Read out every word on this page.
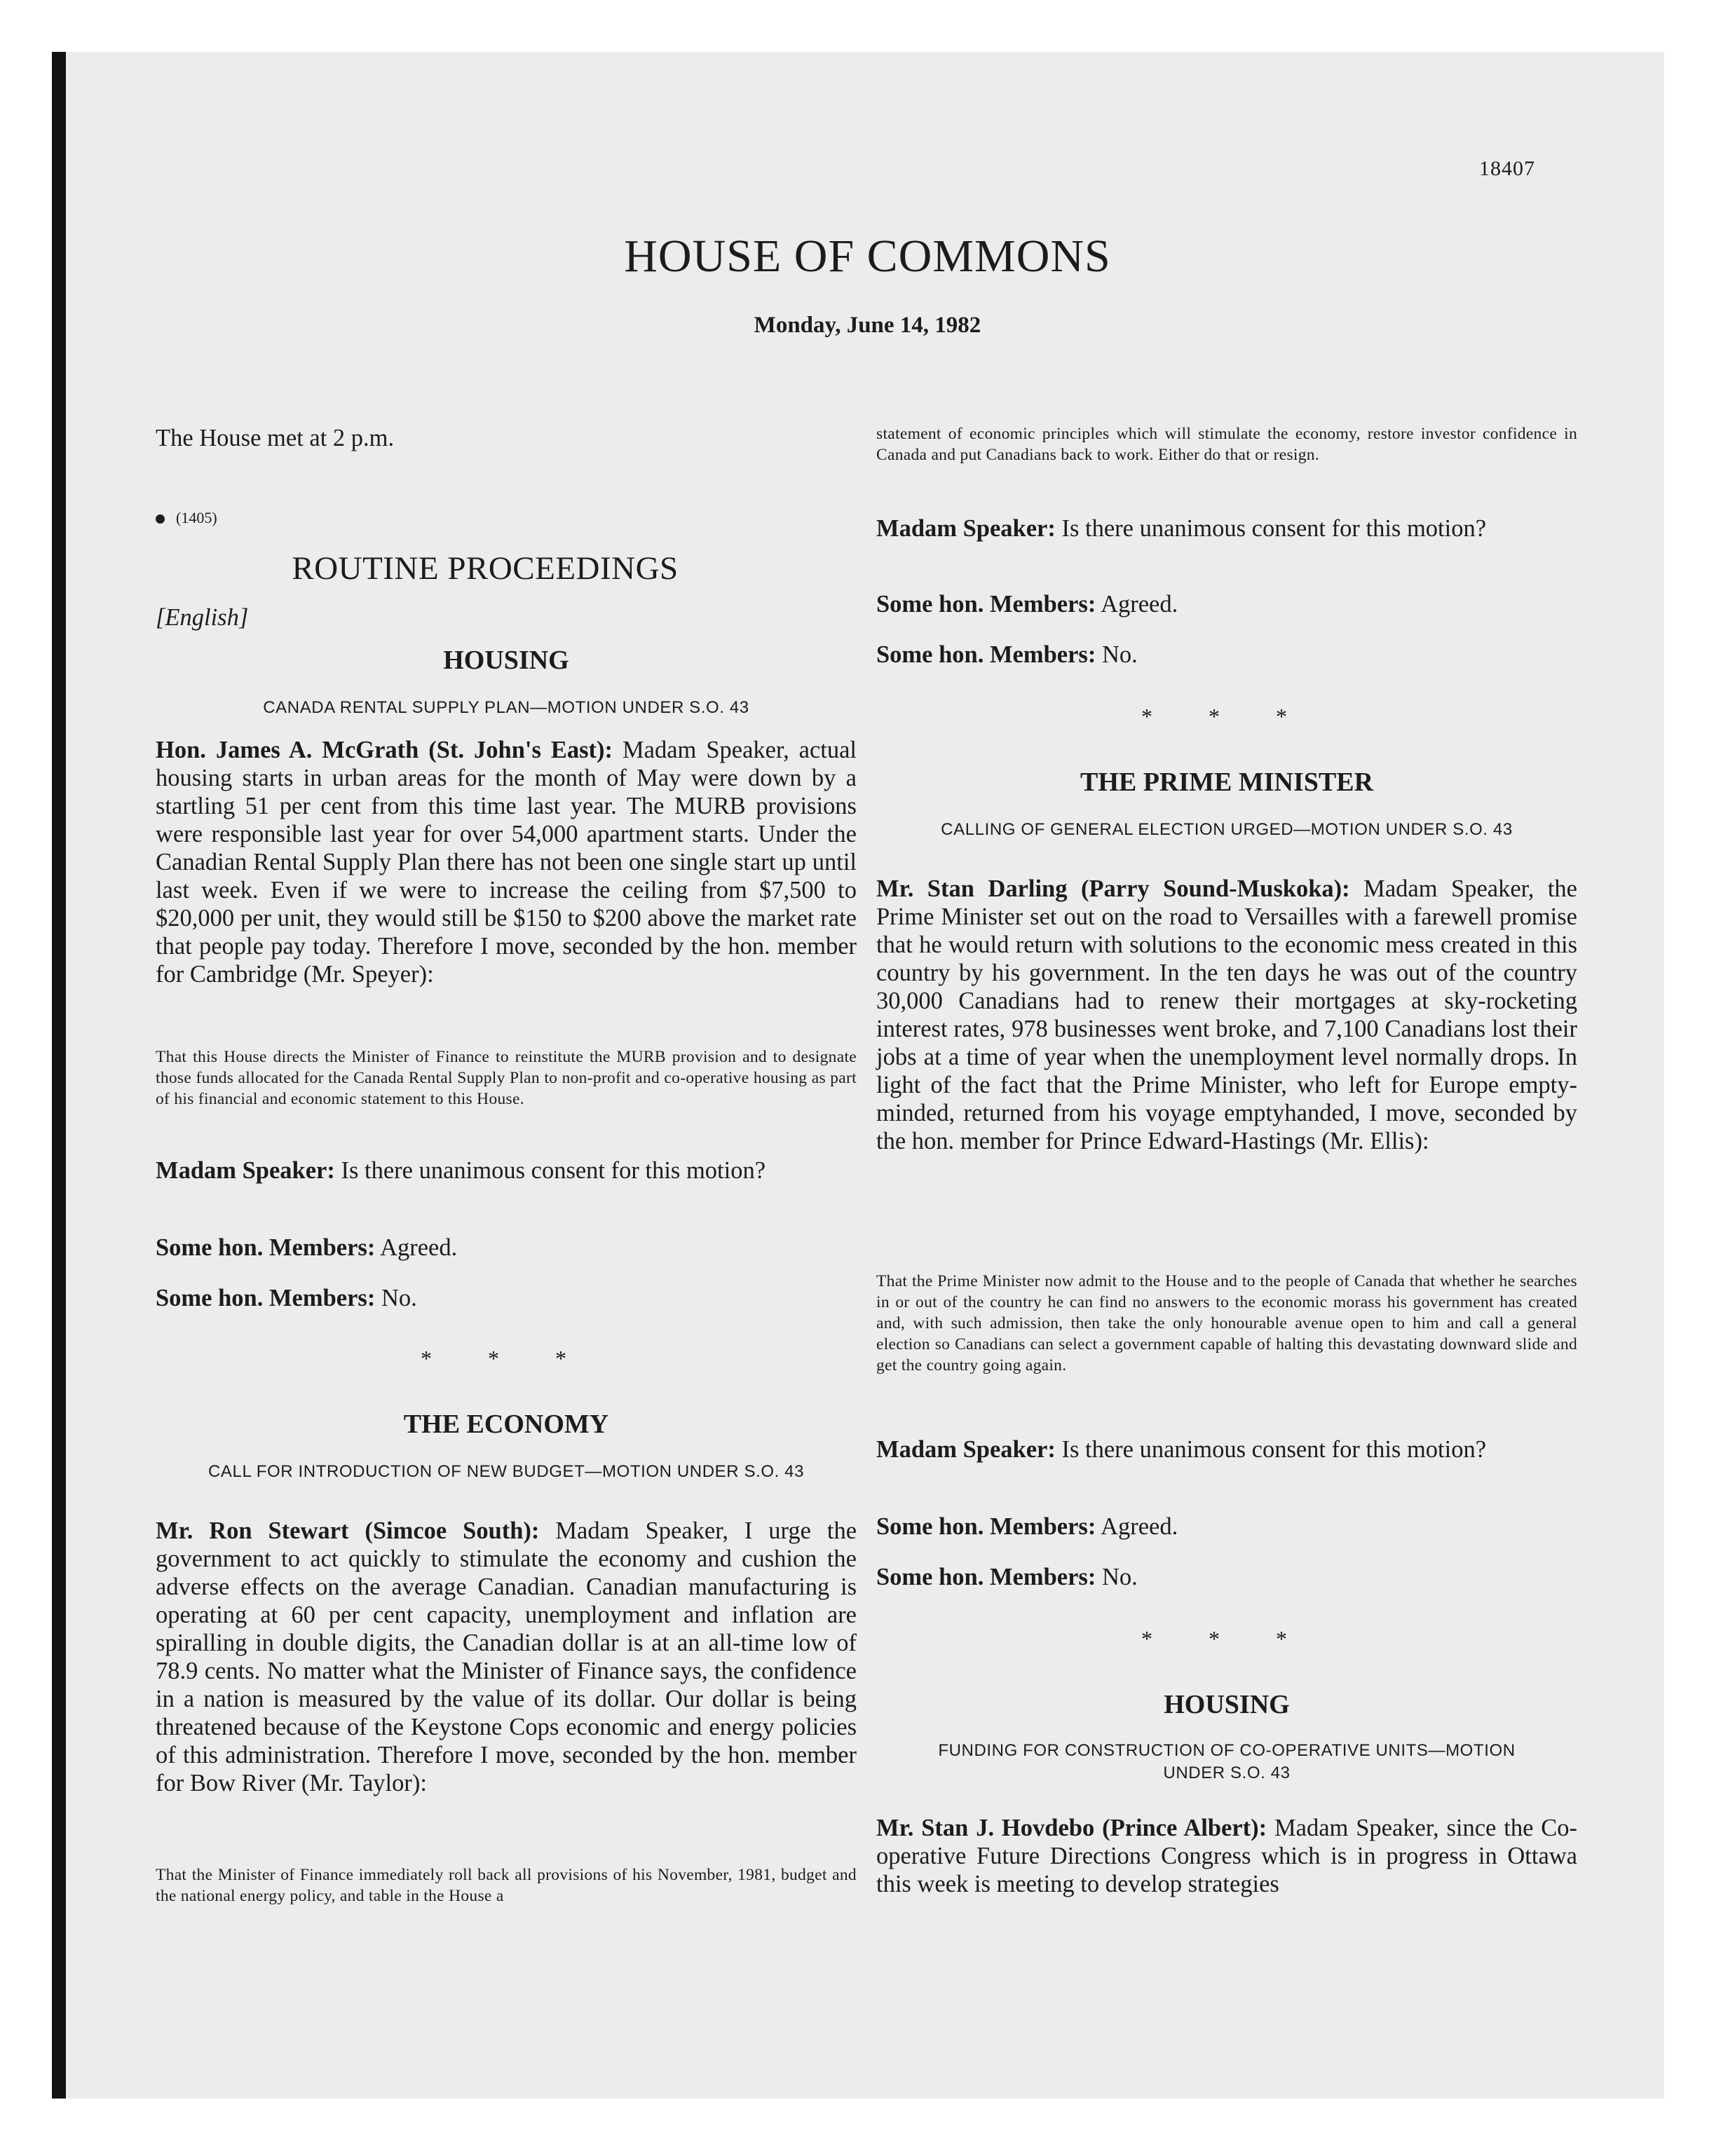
18407
HOUSE OF COMMONS
Monday, June 14, 1982
The House met at 2 p.m.
(1405)
ROUTINE PROCEEDINGS
[English]
HOUSING
CANADA RENTAL SUPPLY PLAN—MOTION UNDER S.O. 43

Hon. James A. McGrath (St. John's East): Madam Speaker, actual housing starts in urban areas for the month of May were down by a startling 51 per cent from this time last year. The MURB provisions were responsible last year for over 54,000 apartment starts. Under the Canadian Rental Supply Plan there has not been one single start up until last week. Even if we were to increase the ceiling from $7,500 to $20,000 per unit, they would still be $150 to $200 above the market rate that people pay today. Therefore I move, seconded by the hon. member for Cambridge (Mr. Speyer):

That this House directs the Minister of Finance to reinstitute the MURB provision and to designate those funds allocated for the Canada Rental Supply Plan to non-profit and co-operative housing as part of his financial and economic statement to this House.

Madam Speaker: Is there unanimous consent for this motion?

Some hon. Members: Agreed.

Some hon. Members: No.

* * *
THE ECONOMY
CALL FOR INTRODUCTION OF NEW BUDGET—MOTION UNDER S.O. 43

Mr. Ron Stewart (Simcoe South): Madam Speaker, I urge the government to act quickly to stimulate the economy and cushion the adverse effects on the average Canadian. Canadian manufacturing is operating at 60 per cent capacity, unemployment and inflation are spiralling in double digits, the Canadian dollar is at an all-time low of 78.9 cents. No matter what the Minister of Finance says, the confidence in a nation is measured by the value of its dollar. Our dollar is being threatened because of the Keystone Cops economic and energy policies of this administration. Therefore I move, seconded by the hon. member for Bow River (Mr. Taylor):

That the Minister of Finance immediately roll back all provisions of his November, 1981, budget and the national energy policy, and table in the House a

statement of economic principles which will stimulate the economy, restore investor confidence in Canada and put Canadians back to work. Either do that or resign.

Madam Speaker: Is there unanimous consent for this motion?

Some hon. Members: Agreed.

Some hon. Members: No.

* * *
THE PRIME MINISTER
CALLING OF GENERAL ELECTION URGED—MOTION UNDER S.O. 43

Mr. Stan Darling (Parry Sound-Muskoka): Madam Speaker, the Prime Minister set out on the road to Versailles with a farewell promise that he would return with solutions to the economic mess created in this country by his government. In the ten days he was out of the country 30,000 Canadians had to renew their mortgages at sky-rocketing interest rates, 978 businesses went broke, and 7,100 Canadians lost their jobs at a time of year when the unemployment level normally drops. In light of the fact that the Prime Minister, who left for Europe empty-minded, returned from his voyage emptyhanded, I move, seconded by the hon. member for Prince Edward-Hastings (Mr. Ellis):

That the Prime Minister now admit to the House and to the people of Canada that whether he searches in or out of the country he can find no answers to the economic morass his government has created and, with such admission, then take the only honourable avenue open to him and call a general election so Canadians can select a government capable of halting this devastating downward slide and get the country going again.

Madam Speaker: Is there unanimous consent for this motion?

Some hon. Members: Agreed.

Some hon. Members: No.

* * *
HOUSING
FUNDING FOR CONSTRUCTION OF CO-OPERATIVE UNITS—MOTION UNDER S.O. 43

Mr. Stan J. Hovdebo (Prince Albert): Madam Speaker, since the Co-operative Future Directions Congress which is in progress in Ottawa this week is meeting to develop strategies
